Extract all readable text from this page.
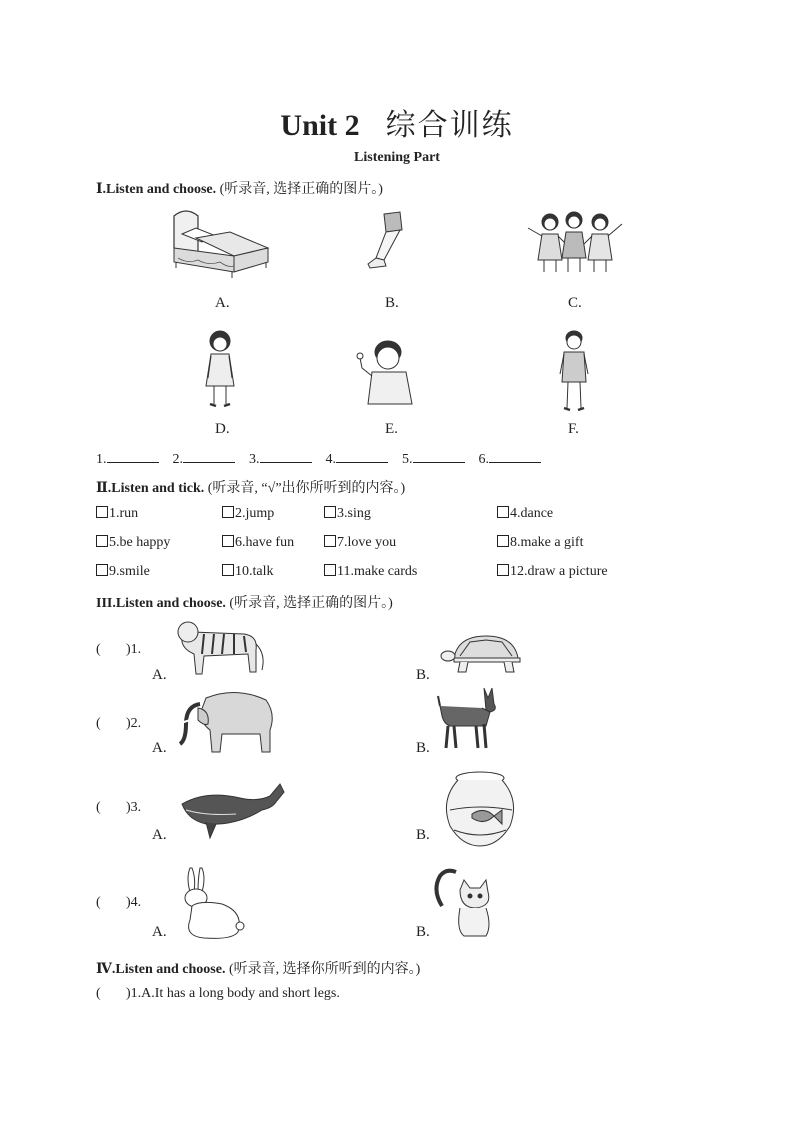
Unit 2 综合训练
Listening Part
Ⅰ.Listen and choose. (听录音, 选择正确的图片。)
A.	B.	C.
D.	E.	F.
1.	2.	3.	4.	5.	6.
Ⅱ.Listen and tick. (听录音, “√”出你所听到的内容。)
1.run	2.jump	3.sing	4.dance
5.be happy	6.have fun	7.love you	8.make a gift
9.smile	10.talk	11.make cards	12.draw a picture
III.Listen and choose. (听录音, 选择正确的图片。)
( )1.
A.	B.
( )2.
A.	B.
( )3.
A.	B.
( )4.
A.	B.
Ⅳ.Listen and choose. (听录音, 选择你所听到的内容。)
( )1.A.It has a long body and short legs.
